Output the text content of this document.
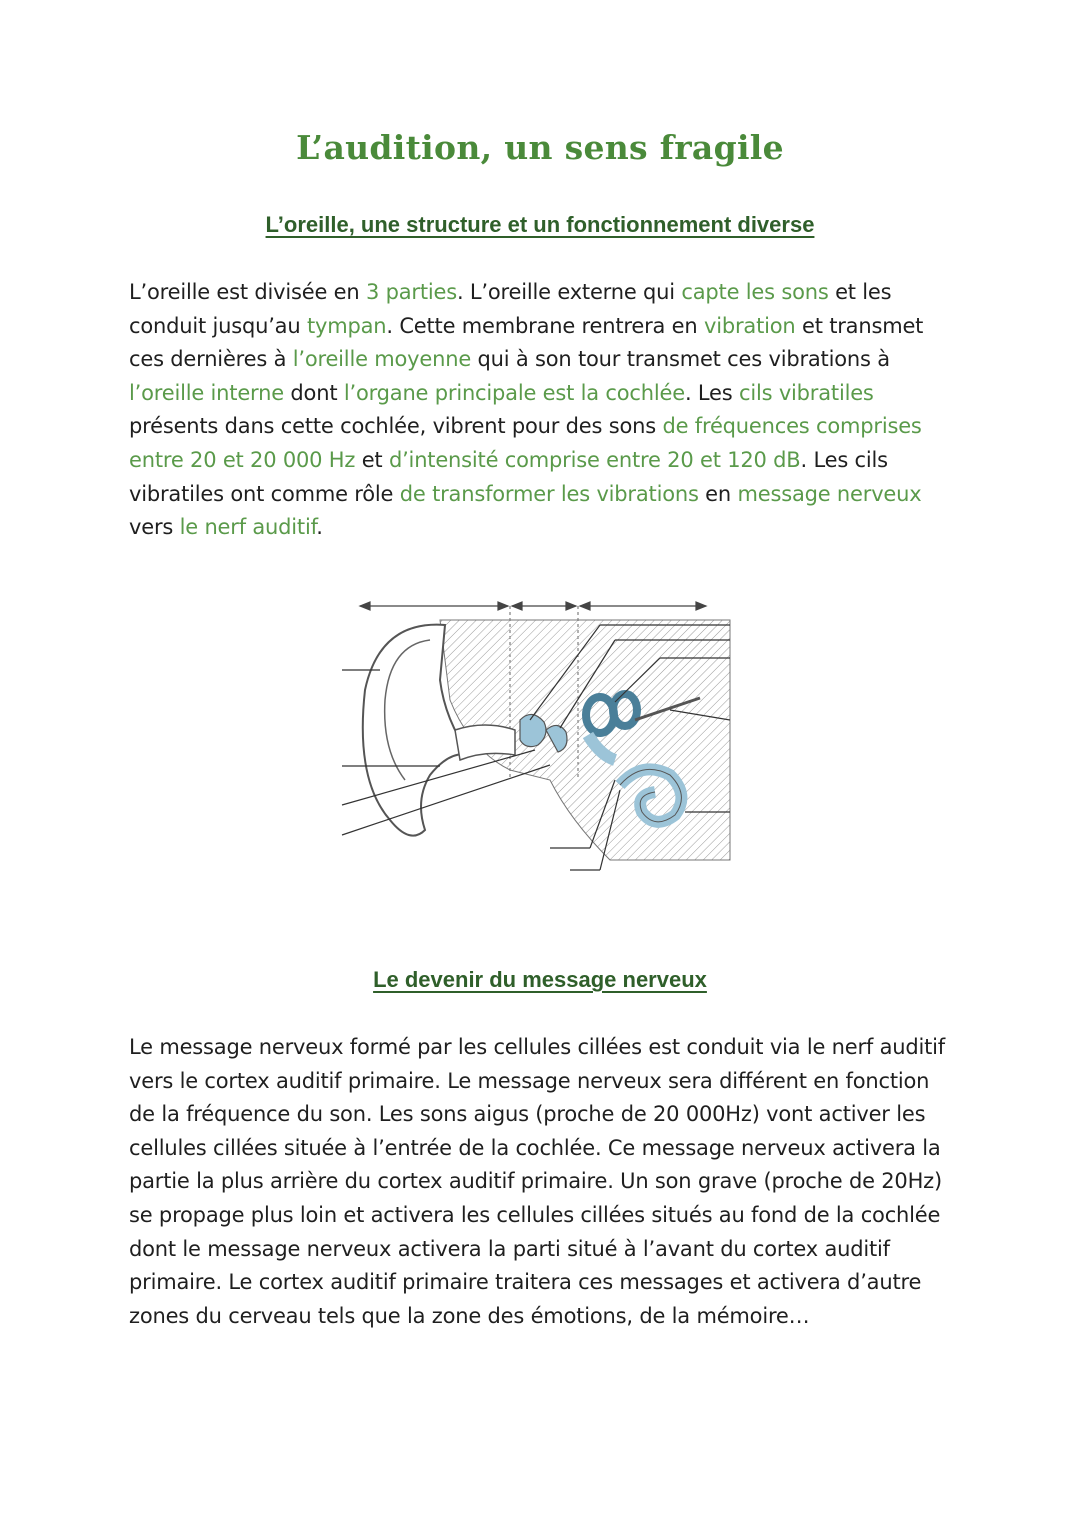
L’audition, un sens fragile
L’oreille, une structure et un fonctionnement diverse
L’oreille est divisée en 3 parties. L’oreille externe qui capte les sons et les
conduit jusqu’au tympan. Cette membrane rentrera en vibration et transmet
ces dernières à l’oreille moyenne qui à son tour transmet ces vibrations à
l’oreille interne dont l’organe principale est la cochlée. Les cils vibratiles
présents dans cette cochlée, vibrent pour des sons de fréquences comprises
entre 20 et 20 000 Hz et d’intensité comprise entre 20 et 120 dB. Les cils
vibratiles ont comme rôle de transformer les vibrations en message nerveux
vers le nerf auditif.
Le devenir du message nerveux
Le message nerveux formé par les cellules cillées est conduit via le nerf auditif
vers le cortex auditif primaire. Le message nerveux sera différent en fonction
de la fréquence du son. Les sons aigus (proche de 20 000Hz) vont activer les
cellules cillées située à l’entrée de la cochlée. Ce message nerveux activera la
partie la plus arrière du cortex auditif primaire. Un son grave (proche de 20Hz)
se propage plus loin et activera les cellules cillées situés au fond de la cochlée
dont le message nerveux activera la parti situé à l’avant du cortex auditif
primaire. Le cortex auditif primaire traitera ces messages et activera d’autre
zones du cerveau tels que la zone des émotions, de la mémoire…
